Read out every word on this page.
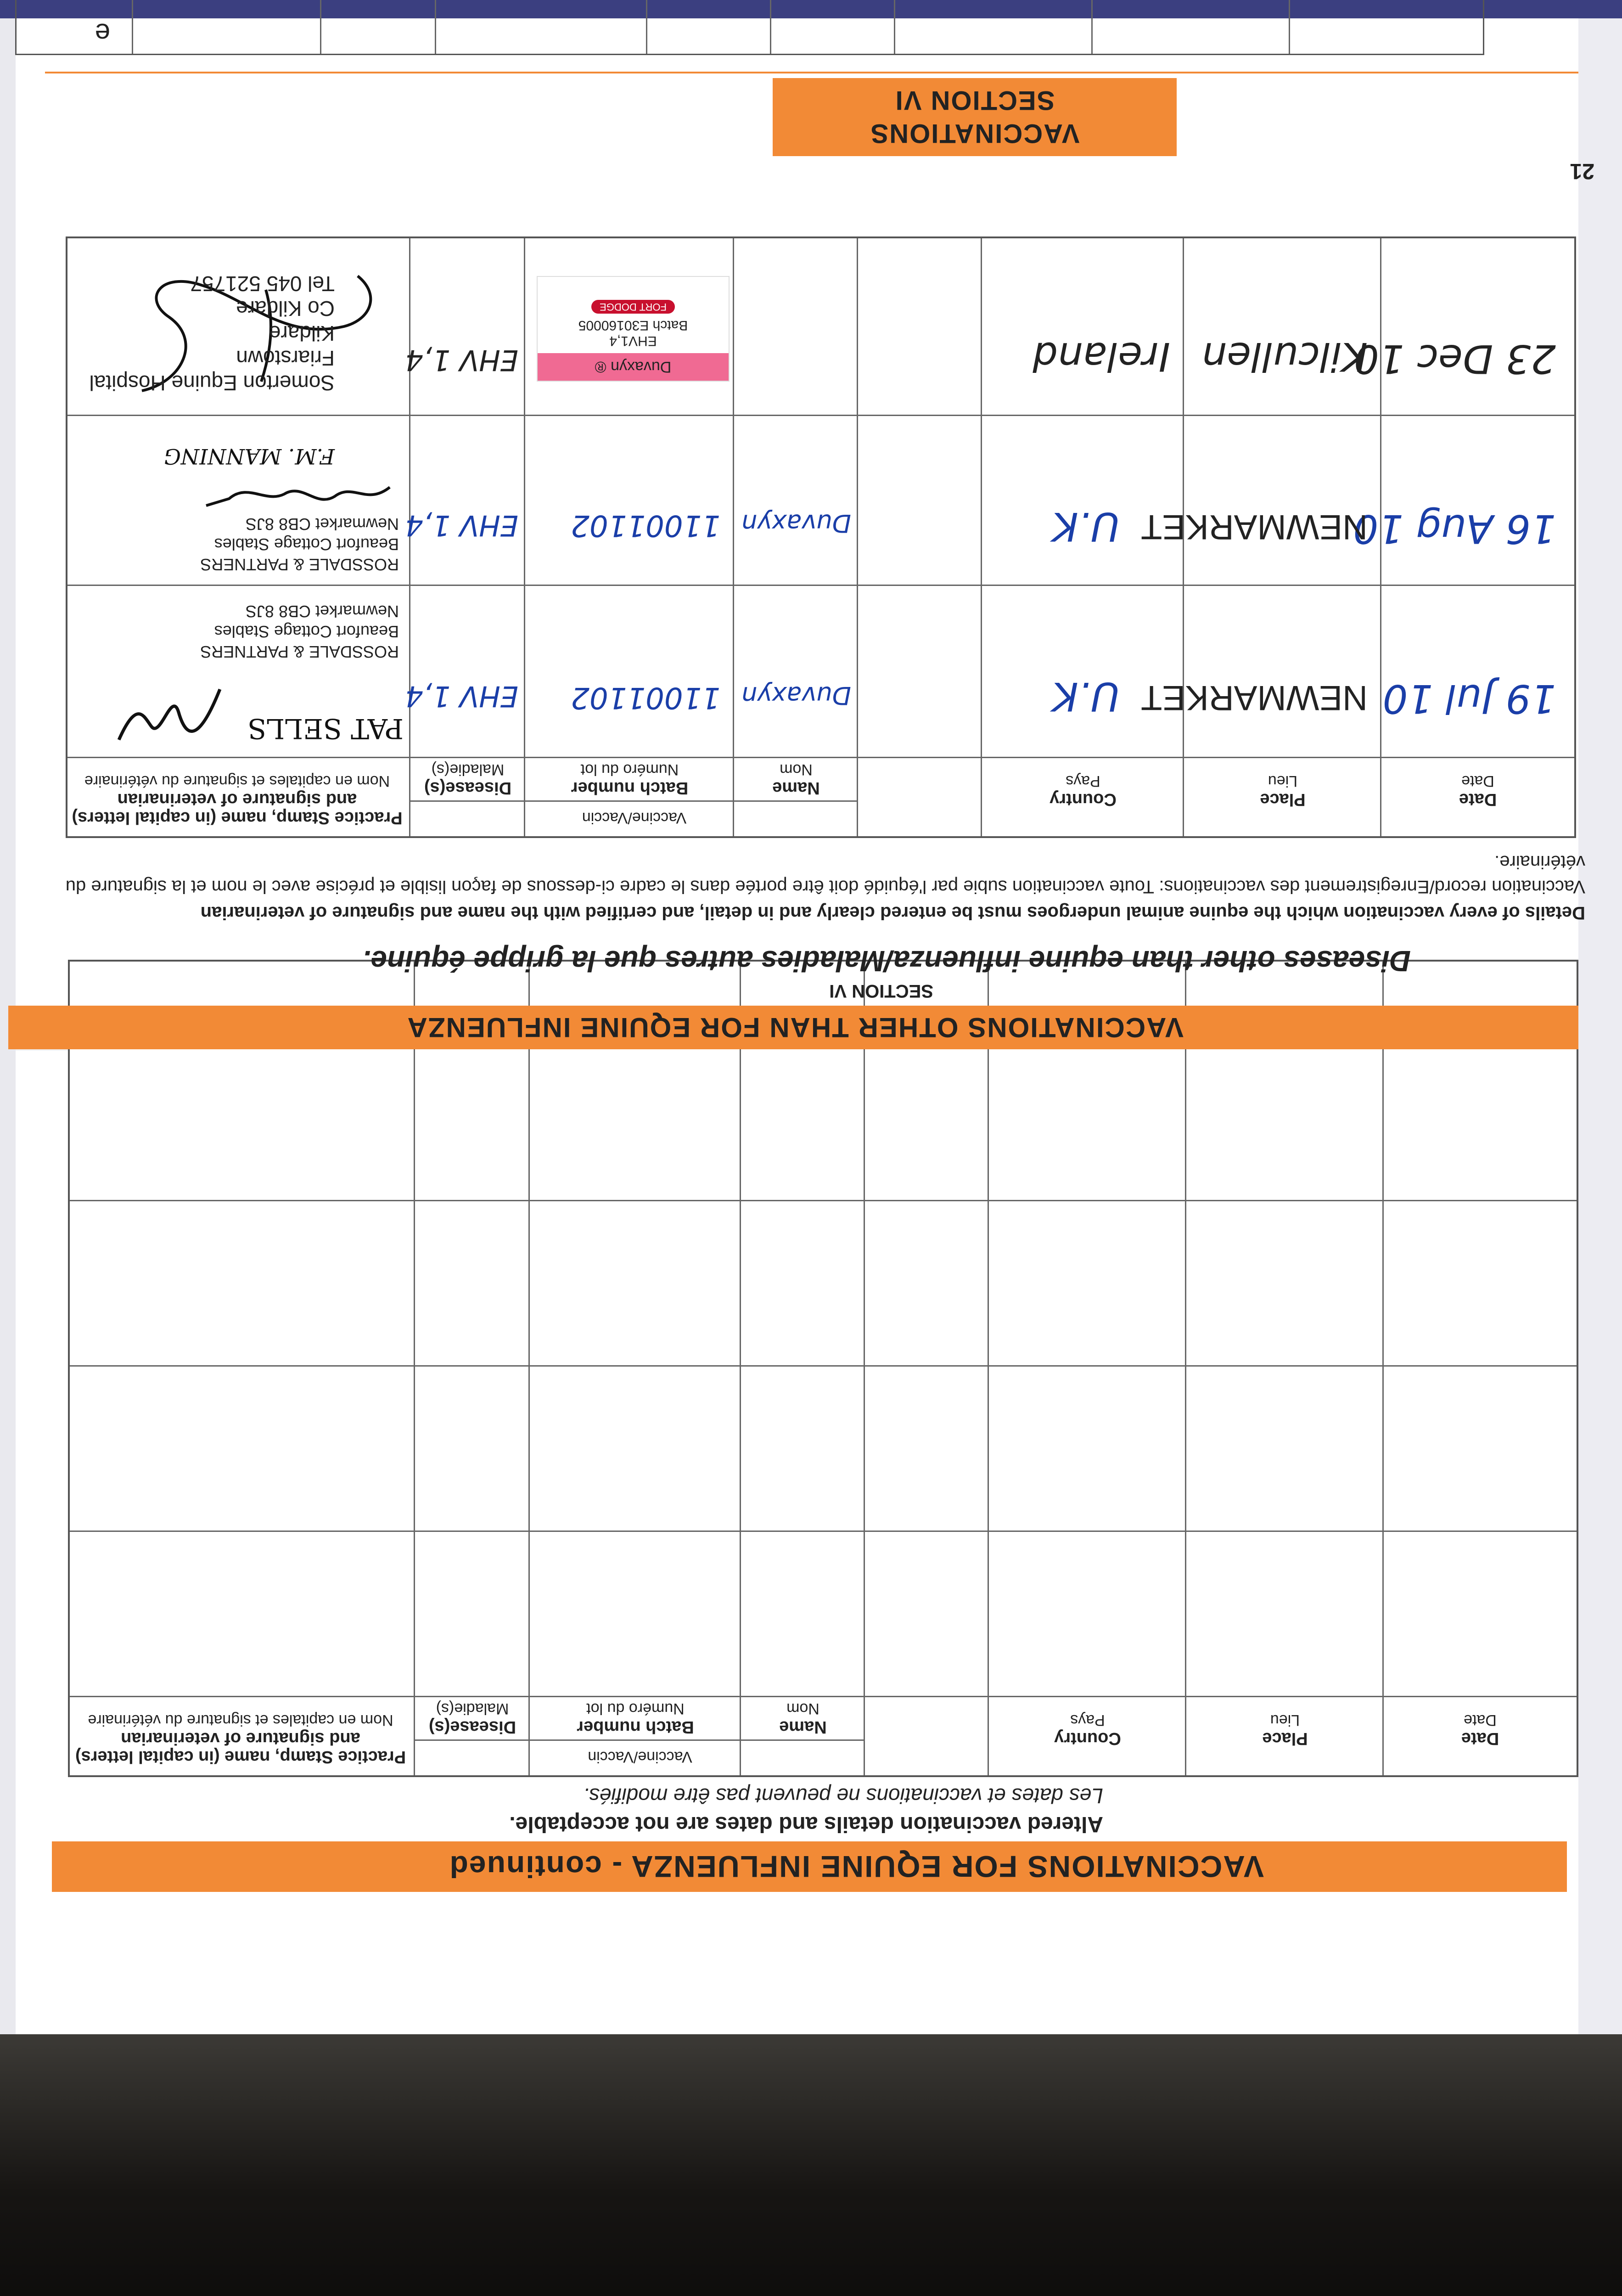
VACCINATIONS FOR EQUINE INFLUENZA - continued
Altered vaccination details and dates are not acceptable.
Les dates et vaccinations ne peuvent pas être modifiés.
Date
Date
Place
Lieu
Country
Pays
Vaccine/Vaccin
Name
Nom
Batch number
Numéro du lot
Disease(s)
Maladie(s)
Practice Stamp, name (in capital letters)
and signature of veterinarian
Nom en capitales et signature du vétérinaire
VACCINATIONS OTHER THAN FOR EQUINE INFLUENZA
SECTION VI
Diseases other than equine influenza/Maladies autres que la grippe équine.
Details of every vaccination which the equine animal undergoes must be entered clearly and in detail, and certified with the name and signature of veterinarian
Vaccination record/Enregistrement des vaccinations: Toute vaccination subie par l'équidé doit être portée dans le cadre ci-dessous de façon lisible et précise avec le nom et la signature du vétérinaire.
Date
Date
Place
Lieu
Country
Pays
Vaccine/Vaccin
Name
Nom
Batch number
Numéro du lot
Disease(s)
Maladie(s)
Practice Stamp, name (in capital letters)
and signature of veterinarian
Nom en capitales et signature du vétérinaire
19 Jul 10
NEWMARKET
U.K
Duvaxyn
11001102
EHV 1,4
PAT SELLS
ROSSDALE & PARTNERS
Beaufort Cottage Stables
Newmarket CB8 8JS
16 Aug 10
NEWMARKET
U.K
Duvaxyn
11001102
EHV 1,4
ROSSDALE & PARTNERS
Beaufort Cottage Stables
Newmarket CB8 8JS
F.M. MANNING
23 Dec 10
Kilcullen
Ireland
Duvaxyn ®
EHV1,4
Batch E30160005
FORT DODGE
EHV 1,4
Somerton Equine Hospital
Friarstown
Kildare
Co Kildare
Tel 045 521757
VACCINATIONS
SECTION VI
21
e
